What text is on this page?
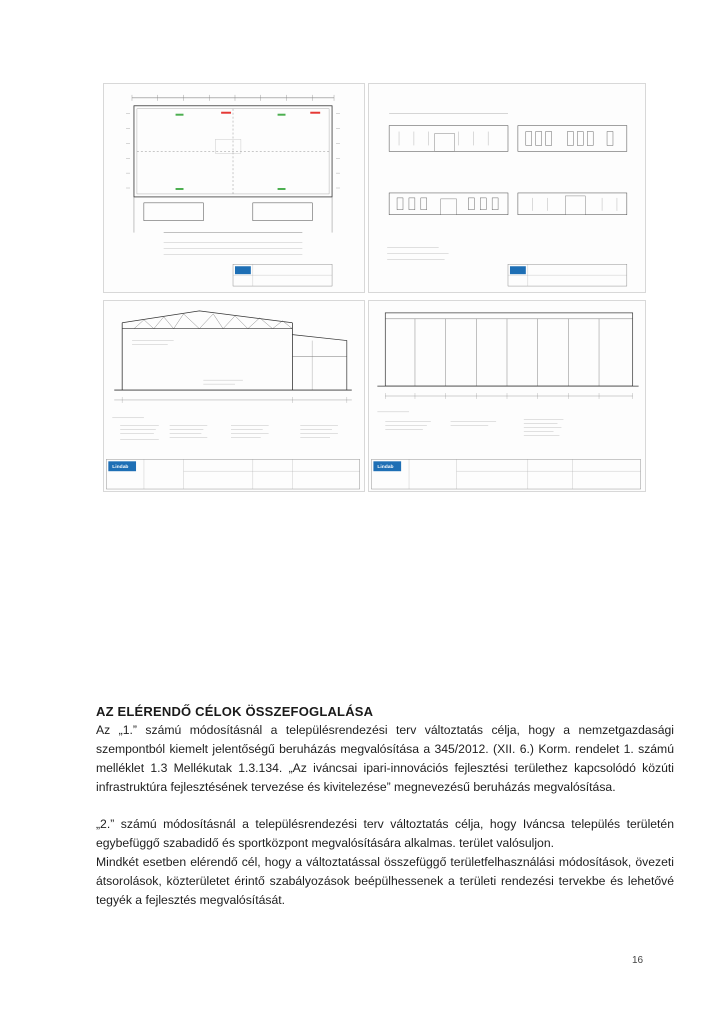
Lindab	Lindab
AZ ELÉRENDŐ CÉLOK ÖSSZEFOGLALÁSA

Az „1.” számú módosításnál a településrendezési terv változtatás célja, hogy a nemzetgazdasági szempontból kiemelt jelentőségű beruházás megvalósítása a 345/2012. (XII. 6.) Korm. rendelet 1. számú melléklet 1.3 Mellékutak 1.3.134. „Az iváncsai ipari-innovációs fejlesztési területhez kapcsolódó közúti infrastruktúra fejlesztésének tervezése és kivitelezése” megnevezésű beruházás megvalósítása.

„2.” számú módosításnál a településrendezési terv változtatás célja, hogy Iváncsa település területén egybefüggő szabadidő és sportközpont megvalósítására alkalmas. terület valósuljon.

Mindkét esetben elérendő cél, hogy a változtatással összefüggő területfelhasználási módosítások, övezeti átsorolások, közterületet érintő szabályozások beépülhessenek a területi rendezési tervekbe és lehetővé tegyék a fejlesztés megvalósítását.

16
